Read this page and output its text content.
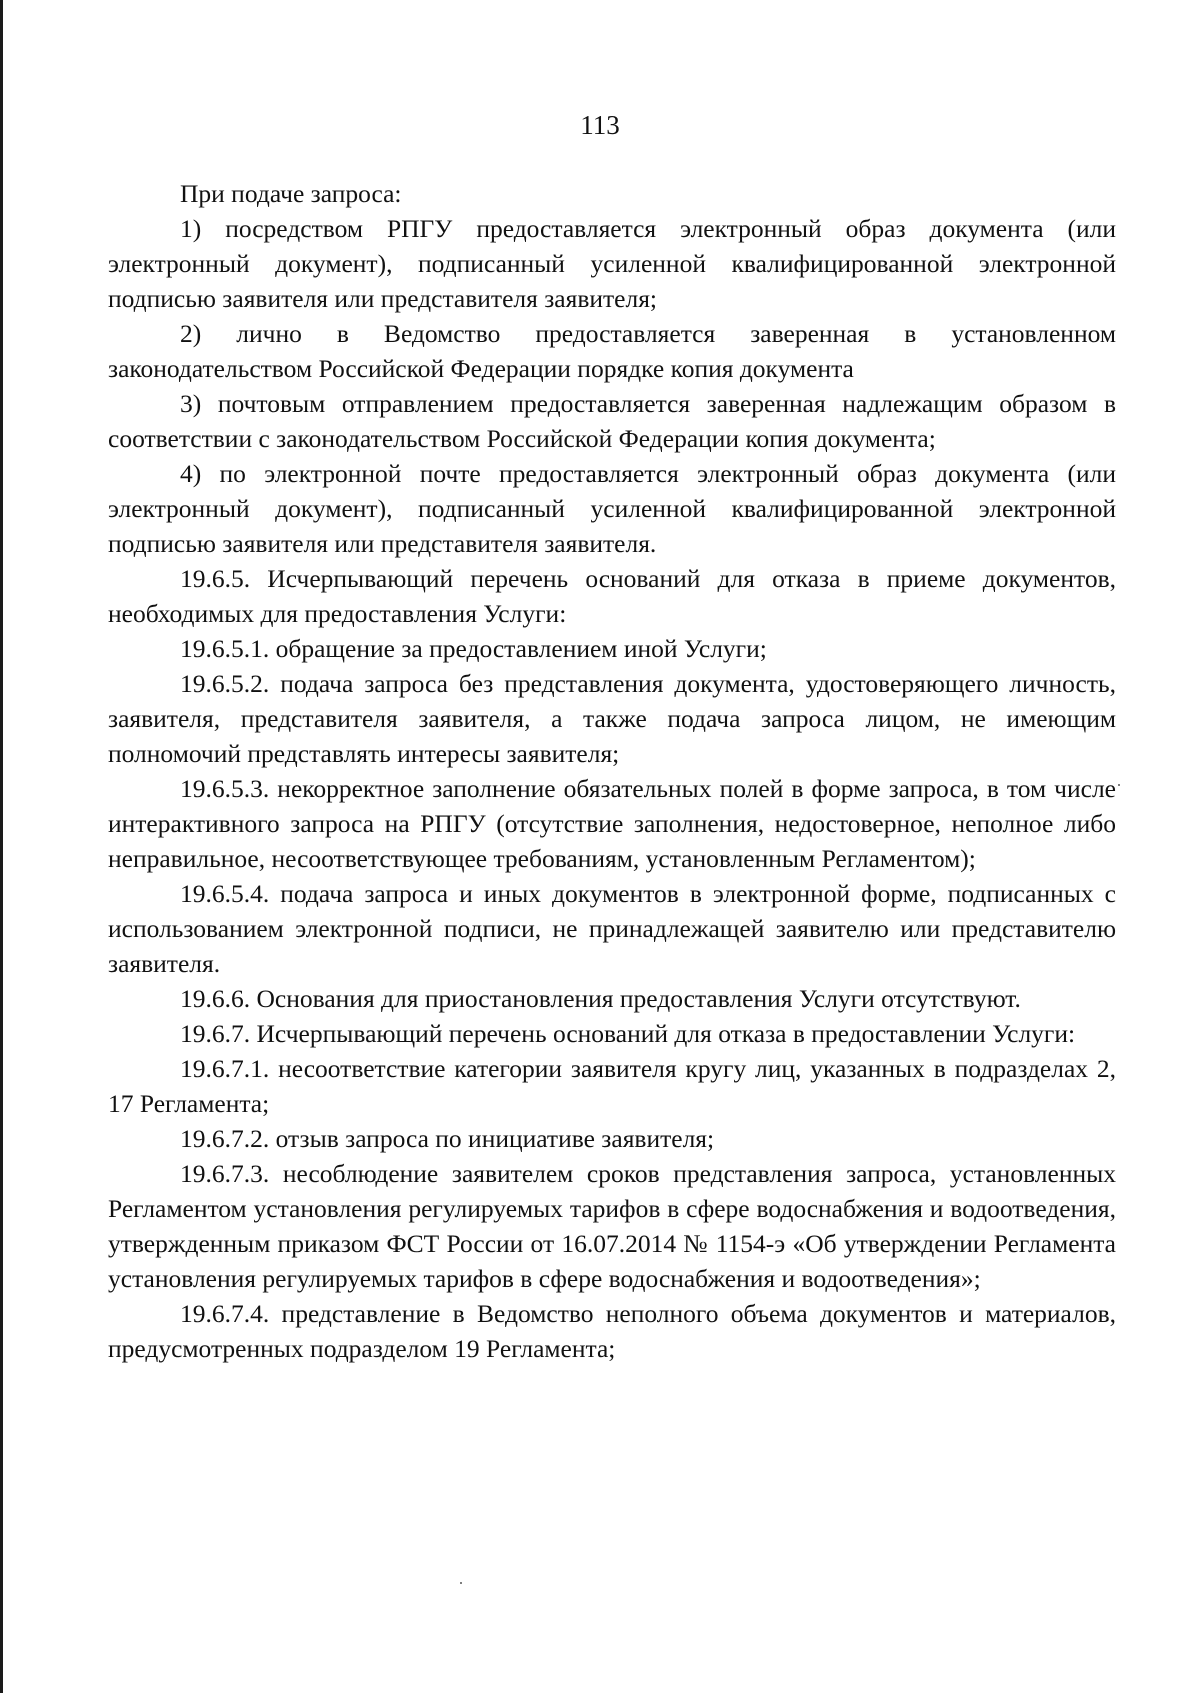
113

При подаче запроса:

1) посредством РПГУ предоставляется электронный образ документа (или электронный документ), подписанный усиленной квалифицированной электронной подписью заявителя или представителя заявителя;

2) лично в Ведомство предоставляется заверенная в установленном законодательством Российской Федерации порядке копия документа

3) почтовым отправлением предоставляется заверенная надлежащим образом в соответствии с законодательством Российской Федерации копия документа;

4) по электронной почте предоставляется электронный образ документа (или электронный документ), подписанный усиленной квалифицированной электронной подписью заявителя или представителя заявителя.

19.6.5. Исчерпывающий перечень оснований для отказа в приеме документов, необходимых для предоставления Услуги:

19.6.5.1. обращение за предоставлением иной Услуги;

19.6.5.2. подача запроса без представления документа, удостоверяющего личность, заявителя, представителя заявителя, а также подача запроса лицом, не имеющим полномочий представлять интересы заявителя;

19.6.5.3. некорректное заполнение обязательных полей в форме запроса, в том числе интерактивного запроса на РПГУ (отсутствие заполнения, недостоверное, неполное либо неправильное, несоответствующее требованиям, установленным Регламентом);

19.6.5.4. подача запроса и иных документов в электронной форме, подписанных с использованием электронной подписи, не принадлежащей заявителю или представителю заявителя.

19.6.6. Основания для приостановления предоставления Услуги отсутствуют.

19.6.7. Исчерпывающий перечень оснований для отказа в предоставлении Услуги:

19.6.7.1. несоответствие категории заявителя кругу лиц, указанных в подразделах 2, 17 Регламента;

19.6.7.2. отзыв запроса по инициативе заявителя;

19.6.7.3. несоблюдение заявителем сроков представления запроса, установленных Регламентом установления регулируемых тарифов в сфере водоснабжения и водоотведения, утвержденным приказом ФСТ России от 16.07.2014 № 1154-э «Об утверждении Регламента установления регулируемых тарифов в сфере водоснабжения и водоотведения»;

19.6.7.4. представление в Ведомство неполного объема документов и материалов, предусмотренных подразделом 19 Регламента;
